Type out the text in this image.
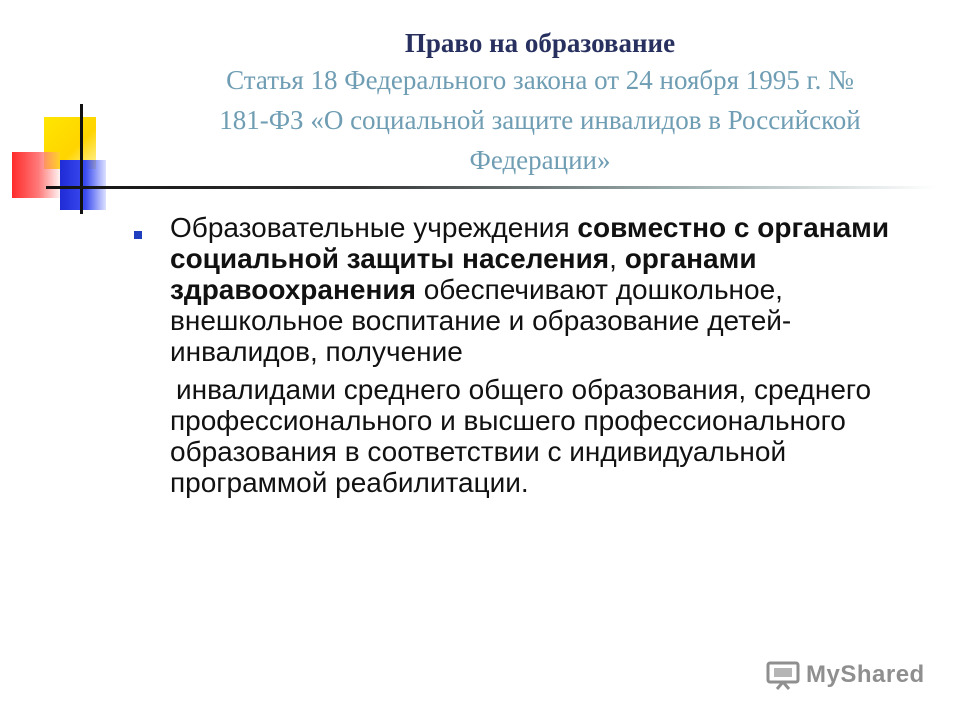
Право на образование
Статья 18 Федерального закона от 24 ноября 1995 г. №
181-ФЗ «О социальной защите инвалидов в Российской
Федерации»
Образовательные учреждения совместно с органами социальной защиты населения, органами здравоохранения обеспечивают дошкольное, внешкольное воспитание и образование детей-инвалидов, получение
инвалидами среднего общего образования, среднего профессионального и высшего профессионального образования в соответствии с индивидуальной программой реабилитации.
MyShared
